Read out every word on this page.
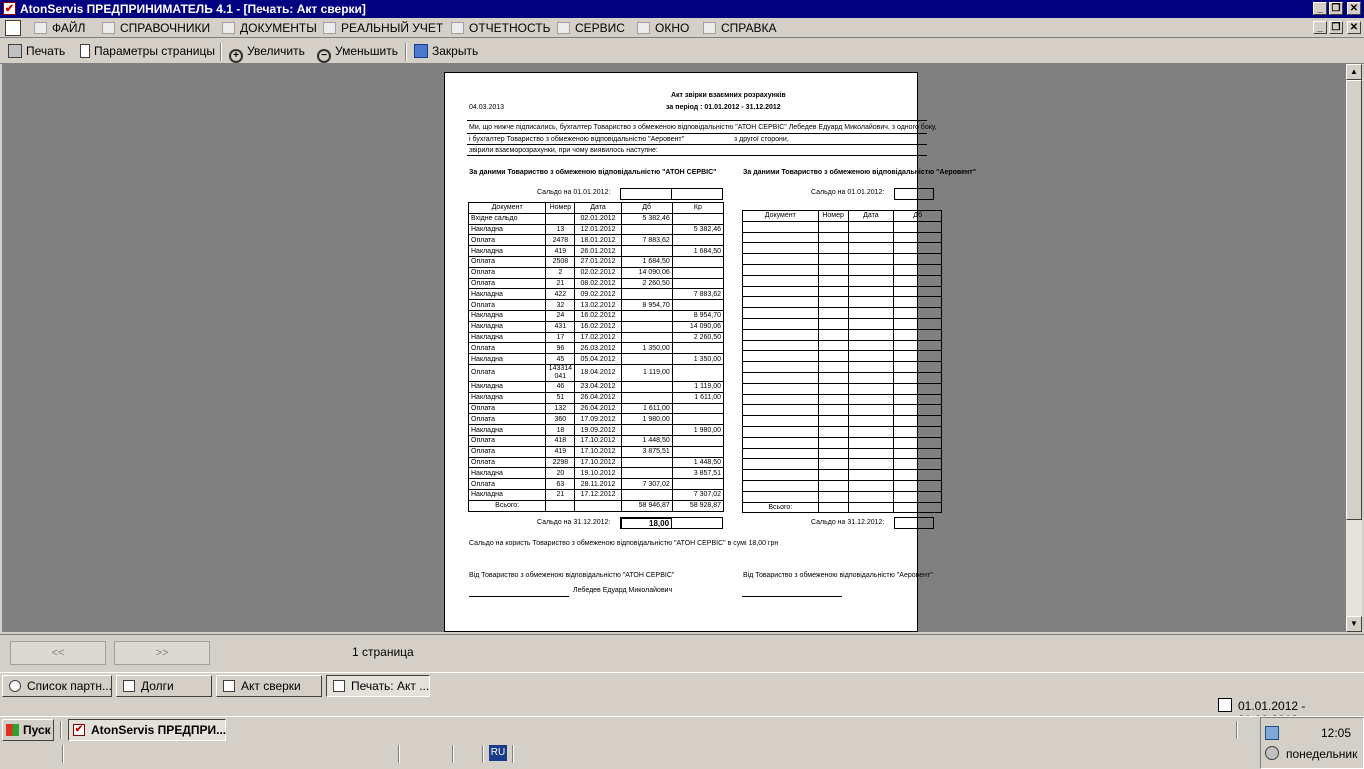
✔ AtonServis ПРЕДПРИНИМАТЕЛЬ 4.1 - [Печать: Акт сверки]	_ ❐ ✕
ФАЙЛ	СПРАВОЧНИКИ	ДОКУМЕНТЫ	РЕАЛЬНЫЙ УЧЕТ	ОТЧЕТНОСТЬ	СЕРВИС	ОКНО	СПРАВКА	_ ❐ ✕
Печать	Параметры страницы	+ Увеличить	− Уменьшить	Закрыть
▲
▼
Акт звірки взаємних розрахунків
04.03.2013	за період : 01.01.2012 - 31.12.2012
Ми, що нижче підписались, бухгалтер Товариство з обмеженою відповідальністю "АТОН СЕРВІС" Лебедев Едуард Миколайович, з одного боку,
і бухгалтер Товариство з обмеженою відповідальністю "Аеровент"	з другої сторони,
звірили взаєморозрахунки, при чому виявилось наступне:
За даними Товариство з обмеженою відповідальністю "АТОН СЕРВІС"	За даними Товариство з обмеженою відповідальністю "Аеровент"
Сальдо на 01.01.2012:	Сальдо на 01.01.2012:
Документ	Номер	Дата	Дб	Кр
Вхідне сальдо		02.01.2012	5 382,46	
Накладна	13	12.01.2012		5 382,46
Оплата	2478	18.01.2012	7 883,62	
Накладна	419	26.01.2012		1 684,50
Оплата	2508	27.01.2012	1 684,50	
Оплата	2	02.02.2012	14 090,06	
Оплата	21	08.02.2012	2 260,50	
Накладна	422	09.02.2012		7 883,62
Оплата	32	13.02.2012	8 954,70	
Накладна	24	16.02.2012		8 954,70
Накладна	431	16.02.2012		14 090,06
Накладна	17	17.02.2012		2 260,50
Оплата	96	26.03.2012	1 350,00	
Накладна	45	05.04.2012		1 350,00
Оплата	143314 041	18.04.2012	1 119,00	
Накладна	46	23.04.2012		1 119,00
Накладна	51	26.04.2012		1 611,00
Оплата	132	26.04.2012	1 611,00	
Оплата	360	17.09.2012	1 980,00	
Накладна	18	19.09.2012		1 980,00
Оплата	418	17.10.2012	1 448,50	
Оплата	419	17.10.2012	3 875,51	
Оплата	2298	17.10.2012		1 448,50
Накладна	20	19.10.2012		3 857,51
Оплата	63	28.11.2012	7 307,02	
Накладна	21	17.12.2012		7 307,02
Всього:			58 946,87	58 928,87
Документ	Номер	Дата	Дб

Всього:			
Сальдо на 31.12.2012:	18,00	Сальдо на 31.12.2012:
Сальдо на користь Товариство з обмеженою відповідальністю "АТОН СЕРВІС" в сумі 18,00 грн
Від Товариство з обмеженою відповідальністю "АТОН СЕРВІС"	Від Товариство з обмеженою відповідальністю "Аеровент"
Лебедев Едуард Миколайович
<<	>>	1 страница
Список партн...	Долги	Акт сверки	Печать: Акт ...
01.01.2012 -
Пуск	✔ AtonServis ПРЕДПРИ...
RU
12:05
понедельник
